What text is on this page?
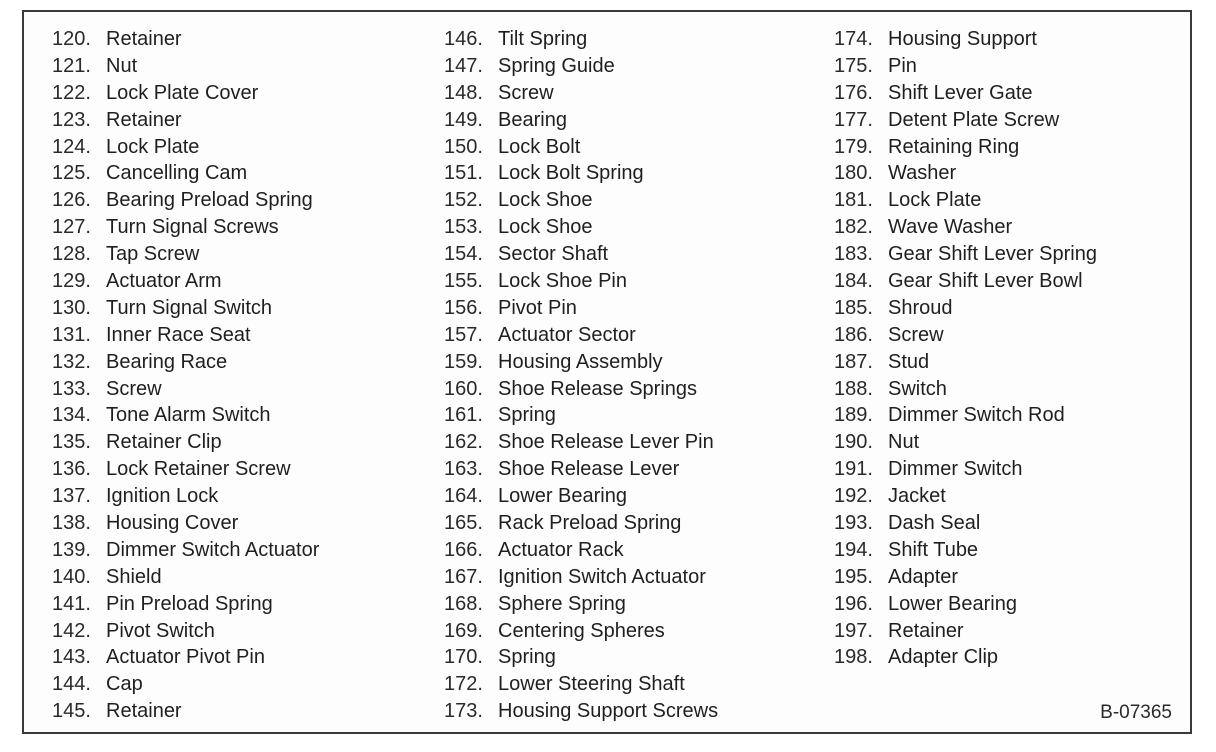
120. Retainer
121. Nut
122. Lock Plate Cover
123. Retainer
124. Lock Plate
125. Cancelling Cam
126. Bearing Preload Spring
127. Turn Signal Screws
128. Tap Screw
129. Actuator Arm
130. Turn Signal Switch
131. Inner Race Seat
132. Bearing Race
133. Screw
134. Tone Alarm Switch
135. Retainer Clip
136. Lock Retainer Screw
137. Ignition Lock
138. Housing Cover
139. Dimmer Switch Actuator
140. Shield
141. Pin Preload Spring
142. Pivot Switch
143. Actuator Pivot Pin
144. Cap
145. Retainer
146. Tilt Spring
147. Spring Guide
148. Screw
149. Bearing
150. Lock Bolt
151. Lock Bolt Spring
152. Lock Shoe
153. Lock Shoe
154. Sector Shaft
155. Lock Shoe Pin
156. Pivot Pin
157. Actuator Sector
159. Housing Assembly
160. Shoe Release Springs
161. Spring
162. Shoe Release Lever Pin
163. Shoe Release Lever
164. Lower Bearing
165. Rack Preload Spring
166. Actuator Rack
167. Ignition Switch Actuator
168. Sphere Spring
169. Centering Spheres
170. Spring
172. Lower Steering Shaft
173. Housing Support Screws
174. Housing Support
175. Pin
176. Shift Lever Gate
177. Detent Plate Screw
179. Retaining Ring
180. Washer
181. Lock Plate
182. Wave Washer
183. Gear Shift Lever Spring
184. Gear Shift Lever Bowl
185. Shroud
186. Screw
187. Stud
188. Switch
189. Dimmer Switch Rod
190. Nut
191. Dimmer Switch
192. Jacket
193. Dash Seal
194. Shift Tube
195. Adapter
196. Lower Bearing
197. Retainer
198. Adapter Clip
B-07365
